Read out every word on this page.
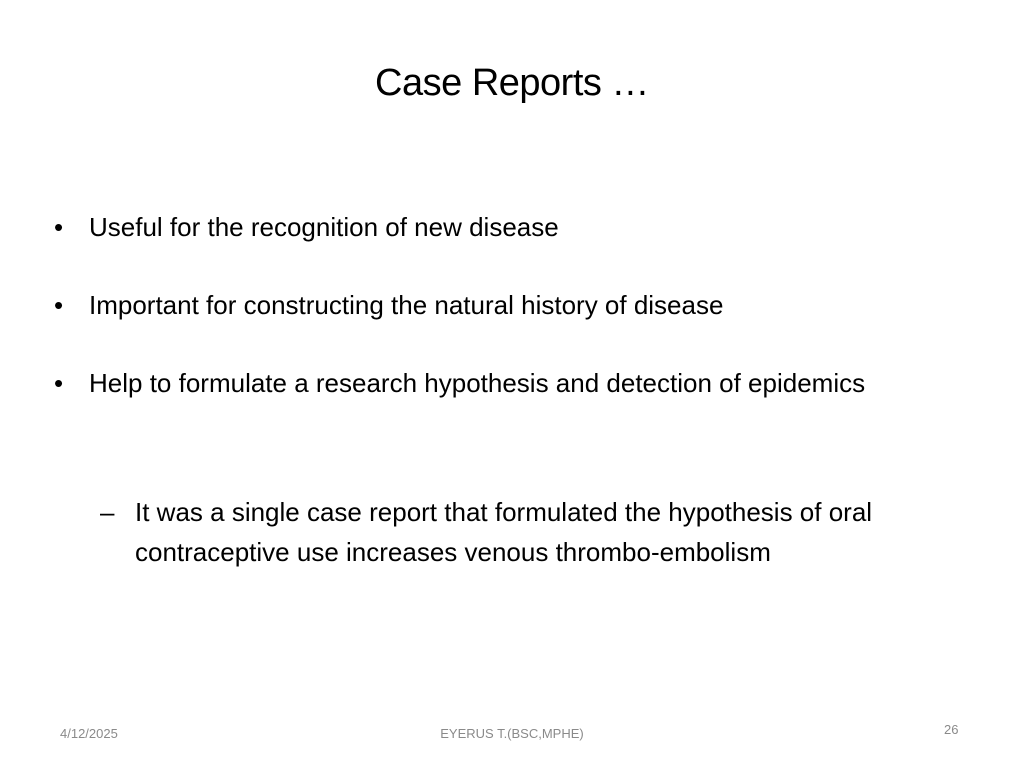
Case Reports …
• Useful for the recognition of new disease
• Important for constructing the natural history of disease
• Help to formulate a research hypothesis and detection of epidemics
– It was a single case report that formulated the hypothesis of oral contraceptive use increases venous thrombo-embolism
4/12/2025	EYERUS T.(BSC,MPHE)	26
